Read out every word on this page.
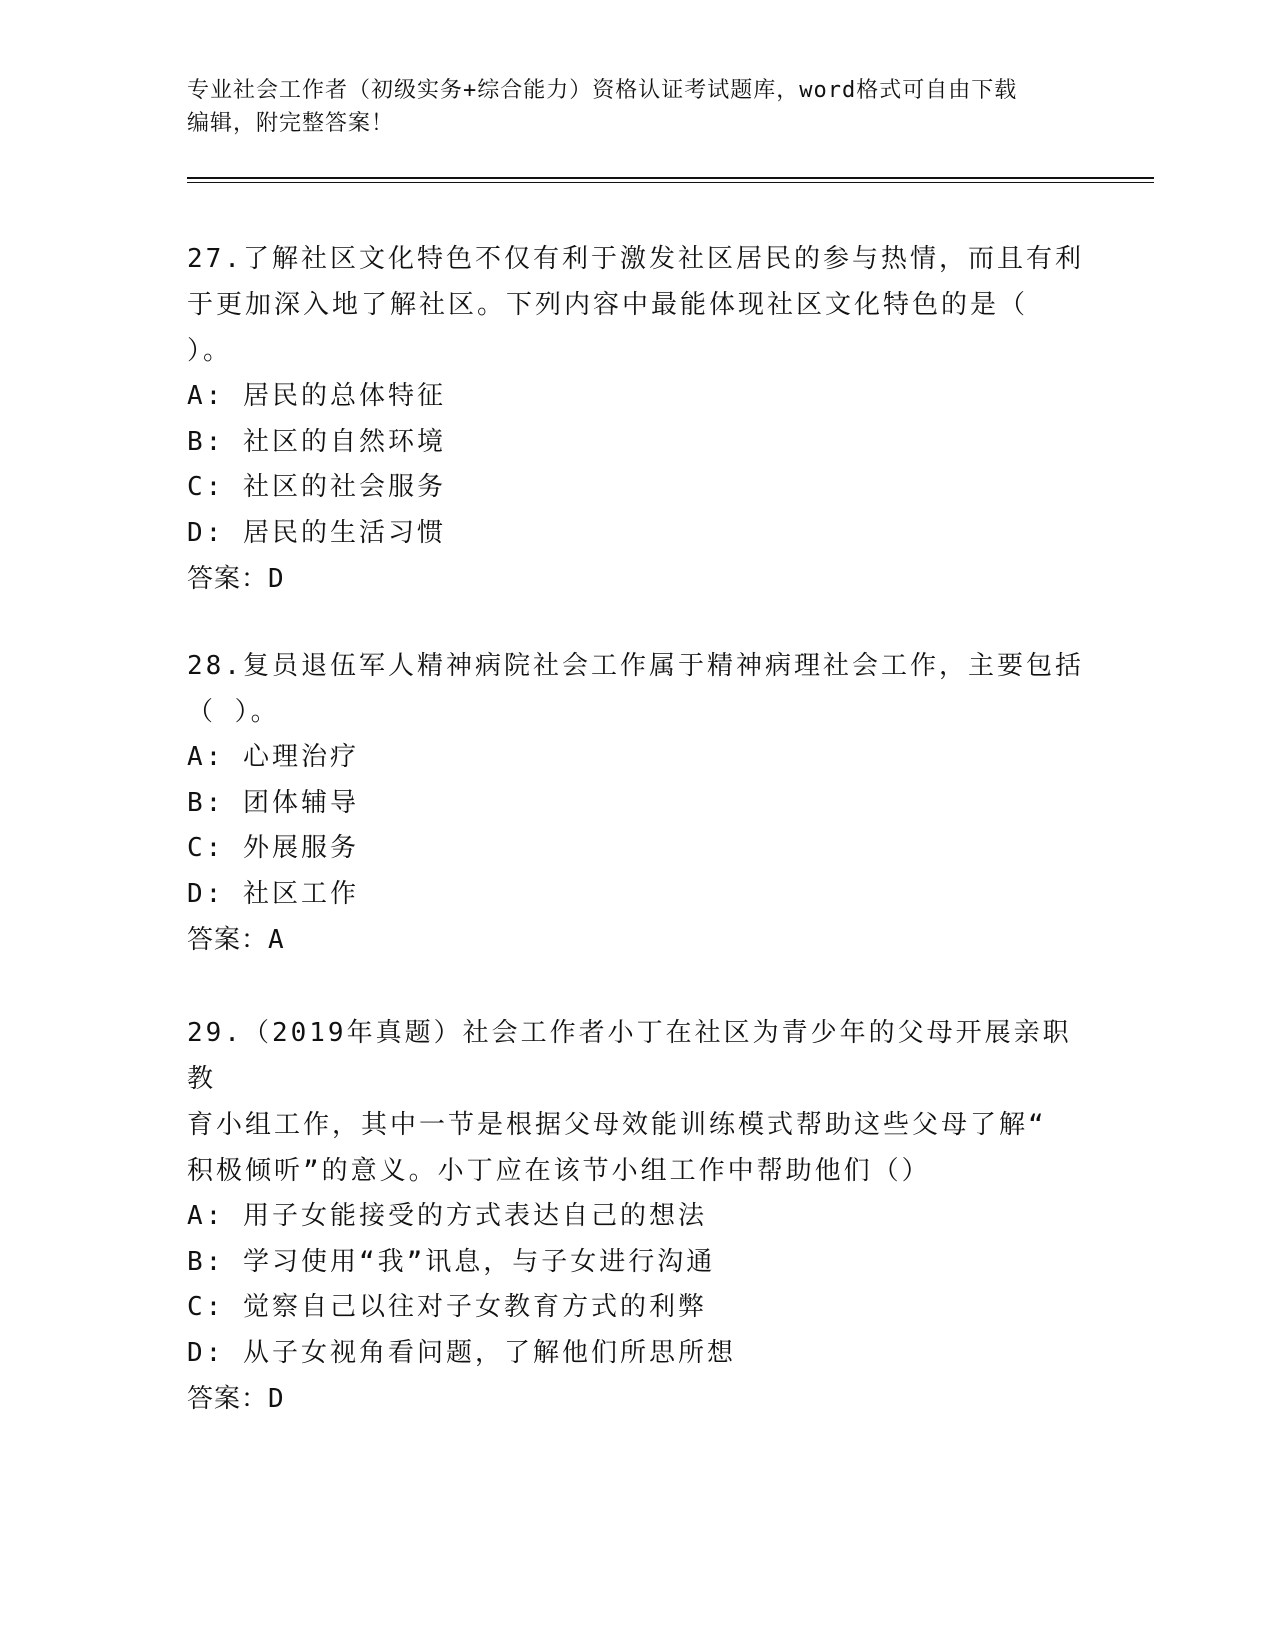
专业社会工作者（初级实务+综合能力）资格认证考试题库，word格式可自由下载
编辑，附完整答案！
27.了解社区文化特色不仅有利于激发社区居民的参与热情，而且有利
于更加深入地了解社区。下列内容中最能体现社区文化特色的是（
）。
A: 居民的总体特征
B: 社区的自然环境
C: 社区的社会服务
D: 居民的生活习惯
答案：D
28.复员退伍军人精神病院社会工作属于精神病理社会工作，主要包括
（ ）。
A: 心理治疗
B: 团体辅导
C: 外展服务
D: 社区工作
答案：A
29.（2019年真题）社会工作者小丁在社区为青少年的父母开展亲职教
育小组工作，其中一节是根据父母效能训练模式帮助这些父母了解“
积极倾听”的意义。小丁应在该节小组工作中帮助他们（）
A: 用子女能接受的方式表达自己的想法
B: 学习使用“我”讯息，与子女进行沟通
C: 觉察自己以往对子女教育方式的利弊
D: 从子女视角看问题，了解他们所思所想
答案：D
